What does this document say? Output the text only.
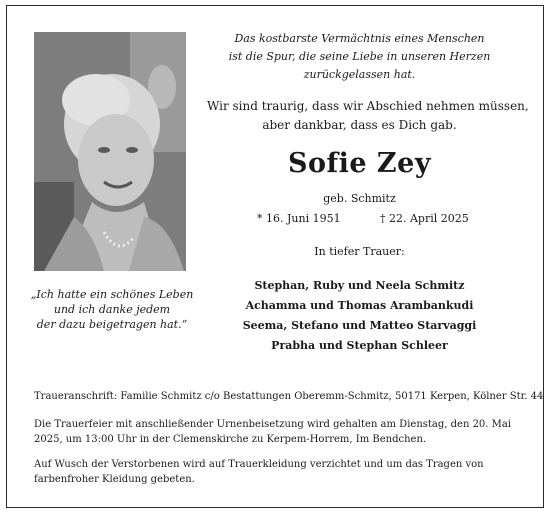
„Ich hatte ein schönes Leben
und ich danke jedem
der dazu beigetragen hat.“
Das kostbarste Vermächtnis eines Menschen
ist die Spur, die seine Liebe in unseren Herzen
zurückgelassen hat.
Wir sind traurig, dass wir Abschied nehmen müssen,
aber dankbar, dass es Dich gab.
Sofie Zey
geb. Schmitz
* 16. Juni 1951	† 22. April 2025
In tiefer Trauer:
Stephan, Ruby und Neela Schmitz
Achamma und Thomas Arambankudi
Seema, Stefano und Matteo Starvaggi
Prabha und Stephan Schleer
Traueranschrift: Familie Schmitz c/o Bestattungen Oberemm-Schmitz, 50171 Kerpen, Kölner Str. 44
Die Trauerfeier mit anschließender Urnenbeisetzung wird gehalten am Dienstag, den 20. Mai 2025, um 13:00 Uhr in der Clemenskirche zu Kerpem-Horrem, Im Bendchen.
Auf Wusch der Verstorbenen wird auf Trauerkleidung verzichtet und um das Tragen von farbenfroher Kleidung gebeten.
